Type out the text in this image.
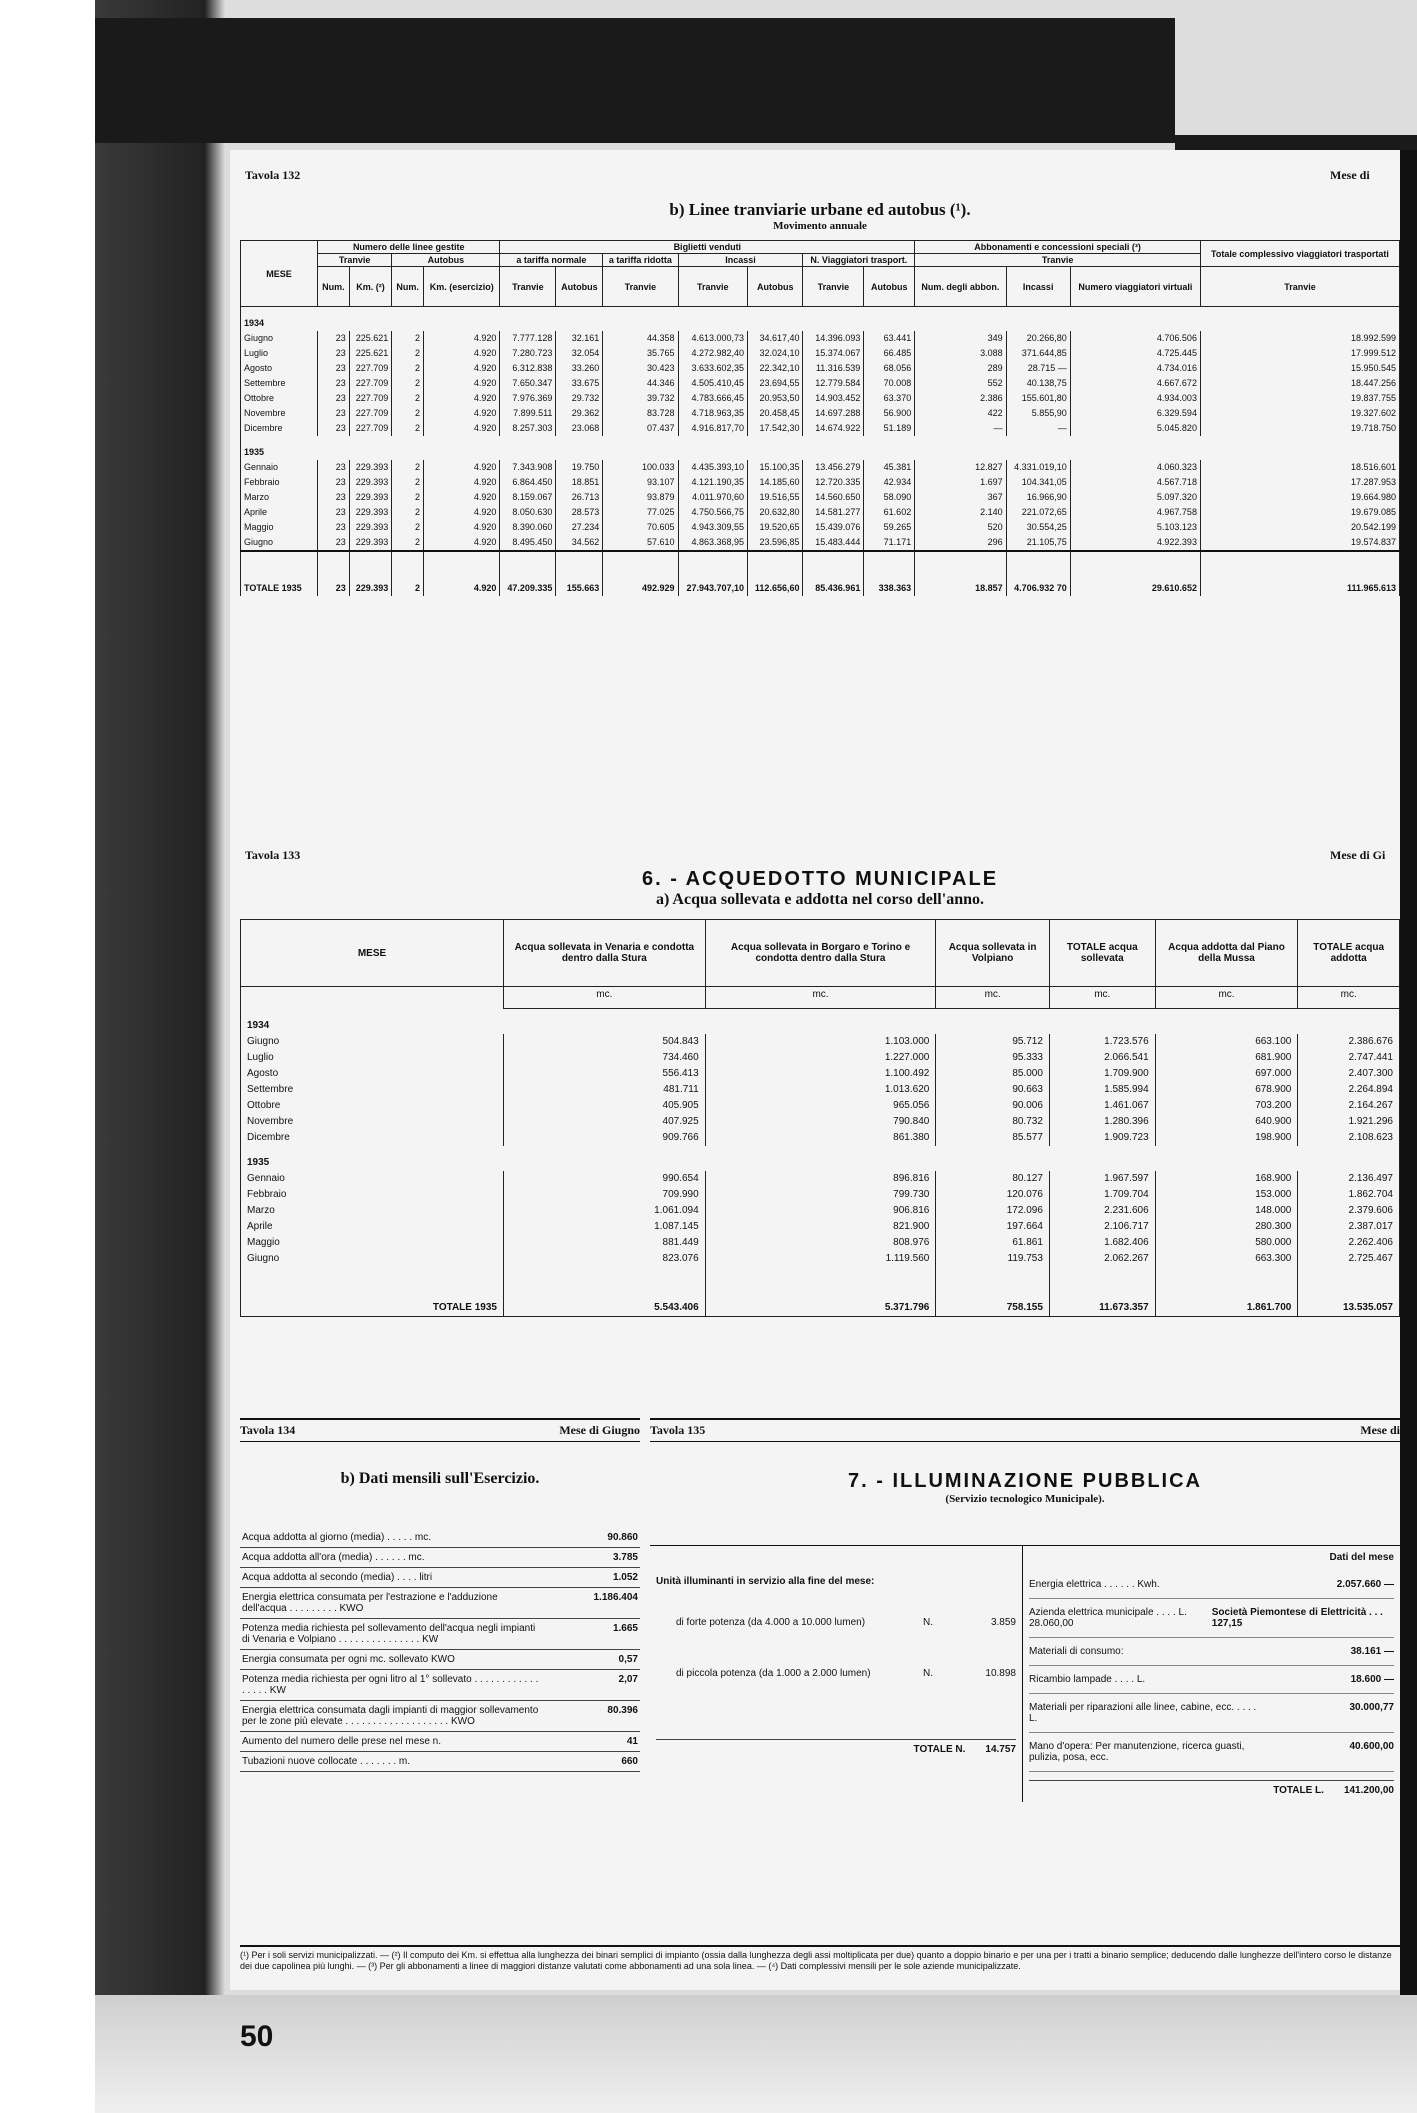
50
Tavola 132	Mese di
b) Linee tranviarie urbane ed autobus (¹).
Movimento annuale
MESE	Numero delle linee gestite				Biglietti venduti							Abbonamenti e concessioni speciali (³)			Totale complessivo viaggiatori trasportati
	Tranvie		Autobus		a tariffa normale		a tariffa ridotta	Incassi		N. Viaggiatori trasport.		Tranvie			
	Num.	Km. (²)	Num.	Km. (esercizio)	Tranvie	Autobus	Tranvie	Tranvie	Autobus	Tranvie	Autobus	Num. degli abbon.	Incassi	Numero viaggiatori virtuali	Tranvie
1934															
Giugno	23	225.621	2	4.920	7.777.128	32.161	44.358	4.613.000,73	34.617,40	14.396.093	63.441	349	20.266,80	4.706.506	18.992.599
Luglio	23	225.621	2	4.920	7.280.723	32.054	35.765	4.272.982,40	32.024,10	15.374.067	66.485	3.088	371.644,85	4.725.445	17.999.512
Agosto	23	227.709	2	4.920	6.312.838	33.260	30.423	3.633.602,35	22.342,10	11.316.539	68.056	289	28.715 —	4.734.016	15.950.545
Settembre	23	227.709	2	4.920	7.650.347	33.675	44.346	4.505.410,45	23.694,55	12.779.584	70.008	552	40.138,75	4.667.672	18.447.256
Ottobre	23	227.709	2	4.920	7.976.369	29.732	39.732	4.783.666,45	20.953,50	14.903.452	63.370	2.386	155.601,80	4.934.003	19.837.755
Novembre	23	227.709	2	4.920	7.899.511	29.362	83.728	4.718.963,35	20.458,45	14.697.288	56.900	422	5.855,90	6.329.594	19.327.602
Dicembre	23	227.709	2	4.920	8.257.303	23.068	07.437	4.916.817,70	17.542,30	14.674.922	51.189	—	—	5.045.820	19.718.750
1935															
Gennaio	23	229.393	2	4.920	7.343.908	19.750	100.033	4.435.393,10	15.100,35	13.456.279	45.381	12.827	4.331.019,10	4.060.323	18.516.601
Febbraio	23	229.393	2	4.920	6.864.450	18.851	93.107	4.121.190,35	14.185,60	12.720.335	42.934	1.697	104.341,05	4.567.718	17.287.953
Marzo	23	229.393	2	4.920	8.159.067	26.713	93.879	4.011.970,60	19.516,55	14.560.650	58.090	367	16.966,90	5.097.320	19.664.980
Aprile	23	229.393	2	4.920	8.050.630	28.573	77.025	4.750.566,75	20.632,80	14.581.277	61.602	2.140	221.072,65	4.967.758	19.679.085
Maggio	23	229.393	2	4.920	8.390.060	27.234	70.605	4.943.309,55	19.520,65	15.439.076	59.265	520	30.554,25	5.103.123	20.542.199
Giugno	23	229.393	2	4.920	8.495.450	34.562	57.610	4.863.368,95	23.596,85	15.483.444	71.171	296	21.105,75	4.922.393	19.574.837
TOTALE 1935	23	229.393	2	4.920	47.209.335	155.663	492.929	27.943.707,10	112.656,60	85.436.961	338.363	18.857	4.706.932 70	29.610.652	111.965.613
Tavola 133	Mese di Gi
6. - ACQUEDOTTO MUNICIPALE
a) Acqua sollevata e addotta nel corso dell'anno.
MESE	Acqua sollevata in Venaria e condotta dentro dalla Stura	Acqua sollevata in Borgaro e Torino e condotta dentro dalla Stura	Acqua sollevata in Volpiano	TOTALE acqua sollevata	Acqua addotta dal Piano della Mussa	TOTALE acqua addotta
	mc.	mc.	mc.	mc.	mc.	mc.
1934						
Giugno	504.843	1.103.000	95.712	1.723.576	663.100	2.386.676
Luglio	734.460	1.227.000	95.333	2.066.541	681.900	2.747.441
Agosto	556.413	1.100.492	85.000	1.709.900	697.000	2.407.300
Settembre	481.711	1.013.620	90.663	1.585.994	678.900	2.264.894
Ottobre	405.905	965.056	90.006	1.461.067	703.200	2.164.267
Novembre	407.925	790.840	80.732	1.280.396	640.900	1.921.296
Dicembre	909.766	861.380	85.577	1.909.723	198.900	2.108.623
1935						
Gennaio	990.654	896.816	80.127	1.967.597	168.900	2.136.497
Febbraio	709.990	799.730	120.076	1.709.704	153.000	1.862.704
Marzo	1.061.094	906.816	172.096	2.231.606	148.000	2.379.606
Aprile	1.087.145	821.900	197.664	2.106.717	280.300	2.387.017
Maggio	881.449	808.976	61.861	1.682.406	580.000	2.262.406
Giugno	823.076	1.119.560	119.753	2.062.267	663.300	2.725.467
TOTALE 1935	5.543.406	5.371.796	758.155	11.673.357	1.861.700	13.535.057
Tavola 134	Mese di Giugno
b) Dati mensili sull'Esercizio.
Acqua addotta al giorno (media) . . . . . mc.	90.860
Acqua addotta all'ora (media) . . . . . . mc.	3.785
Acqua addotta al secondo (media) . . . . litri	1.052
Energia elettrica consumata per l'estrazione e l'adduzione dell'acqua . . . . . . . . . KWO
1.186.404
Potenza media richiesta pel sollevamento dell'acqua negli impianti di Venaria e Volpiano . . . . . . . . . . . . . . . KW
1.665
Energia consumata per ogni mc. sollevato KWO	0,57
Potenza media richiesta per ogni litro al 1° sollevato . . . . . . . . . . . . . . . . . KW
2,07
Energia elettrica consumata dagli impianti di maggior sollevamento per le zone più elevate . . . . . . . . . . . . . . . . . . . KWO
80.396
Aumento del numero delle prese nel mese n.	41
Tubazioni nuove collocate . . . . . . . m.	660
Tavola 135	Mese di
7. - ILLUMINAZIONE PUBBLICA
(Servizio tecnologico Municipale).
Unità illuminanti in servizio alla fine del mese:
di forte potenza (da 4.000 a 10.000 lumen)	N.	3.859
di piccola potenza (da 1.000 a 2.000 lumen)	N.	10.898
TOTALE N. 14.757
Dati del mese
Energia elettrica . . . . . . Kwh.	2.057.660 —
Azienda elettrica municipale . . . . L. 28.060,00
Società Piemontese di Elettricità . . . 127,15
Materiali di consumo:	38.161 —
Ricambio lampade . . . . L.	18.600 —
Materiali per riparazioni alle linee, cabine, ecc. . . . . L.
30.000,77
Mano d'opera: Per manutenzione, ricerca guasti, pulizia, posa, ecc.
40.600,00
TOTALE L. 141.200,00
(¹) Per i soli servizi municipalizzati. — (²) Il computo dei Km. si effettua alla lunghezza dei binari semplici di impianto (ossia dalla lunghezza degli assi moltiplicata per due) quanto a doppio binario e per una per i tratti a binario semplice; deducendo dalle lunghezze dell'intero corso le distanze dei due capolinea più lunghi. — (³) Per gli abbonamenti a linee di maggiori distanze valutati come abbonamenti ad una sola linea. — (⁴) Dati complessivi mensili per le sole aziende municipalizzate.
